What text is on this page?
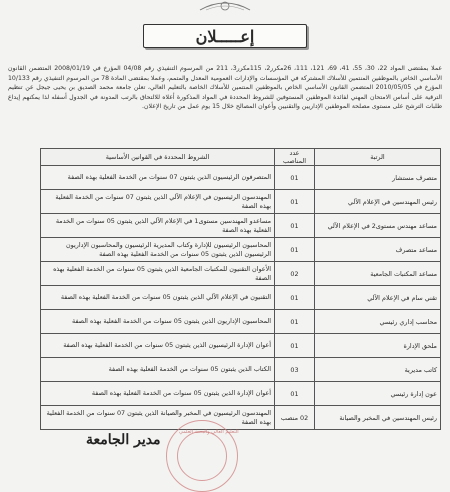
إعـــــلان
عملا بمقتضى المواد 22، 30، 55، 41، 69، 121، 111، 26مكرر2، 115مكرر3، 211 من المرسوم التنفيذي رقم 04/08 المؤرخ في 2008/01/19 المتضمن القانون الأساسي الخاص بالموظفين المنتمين للأسلاك المشتركة في المؤسسات والإدارات العمومية المعدل والمتمم، وعملا بمقتضى المادة 78 من المرسوم التنفيذي رقم 10/133 المؤرخ في 2010/05/05 المتضمن القانون الأساسي الخاص بالموظفين المنتمين للأسلاك الخاصة بالتعليم العالي، تعلن جامعة محمد الصديق بن يحيى جيجل عن تنظيم الترقية على أساس الامتحان المهني لفائدة الموظفين المستوفين للشروط المحددة في المواد المذكورة أعلاه للالتحاق بالرتب المدونة في الجدول أسفله لذا يمكنهم إيداع طلبات الترشح على مستوى مصلحة الموظفين الإداريين والتقنيين وأعوان المصالح خلال 15 يوم عمل من تاريخ الإعلان.
الرتبة	عدد المناصب	الشروط المحددة في القوانين الأساسية
متصرف مستشار	01	المتصرفون الرئيسيون الذين يثبتون 07 سنوات من الخدمة الفعلية بهذه الصفة
رئيس المهندسين في الإعلام الآلي	01	المهندسون الرئيسيون في الإعلام الآلي الذين يثبتون 07 سنوات من الخدمة الفعلية بهذه الصفة
مساعد مهندس مستوى2 في الإعلام الآلي	01	مساعدو المهندسين مستوى1 في الإعلام الآلي الذين يثبتون 05 سنوات من الخدمة الفعلية بهذه الصفة
مساعد متصرف	01	المحاسبون الرئيسيون للإدارة وكتاب المديرية الرئيسيون والمحاسبون الإداريون الرئيسيون الذين يثبتون 05 سنوات من الخدمة الفعلية بهذه الصفة
مساعد المكتبات الجامعية	02	الأعوان التقنيون للمكتبات الجامعية الذين يثبتون 05 سنوات من الخدمة الفعلية بهذه الصفة
تقني سام في الإعلام الآلي	01	التقنيون في الإعلام الآلي الذين يثبتون 05 سنوات من الخدمة الفعلية بهذه الصفة
محاسب إداري رئيسي	01	المحاسبون الإداريون الذين يثبتون 05 سنوات من الخدمة الفعلية بهذه الصفة
ملحق الإدارة	01	أعوان الإدارة الرئيسيون الذين يثبتون 05 سنوات من الخدمة الفعلية بهذه الصفة
كاتب مديرية	03	الكتاب الذين يثبتون 05 سنوات من الخدمة الفعلية بهذه الصفة
عون إدارة رئيسي	01	أعوان الإدارة الذين يثبتون 05 سنوات من الخدمة الفعلية بهذه الصفة
رئيس المهندسين في المخبر والصيانة	02 منصب	المهندسون الرئيسيون في المخبر والصيانة الذين يثبتون 07 سنوات من الخدمة الفعلية بهذه الصفة
التعليم العالي والبحث العلمي
مدير الجامعة
